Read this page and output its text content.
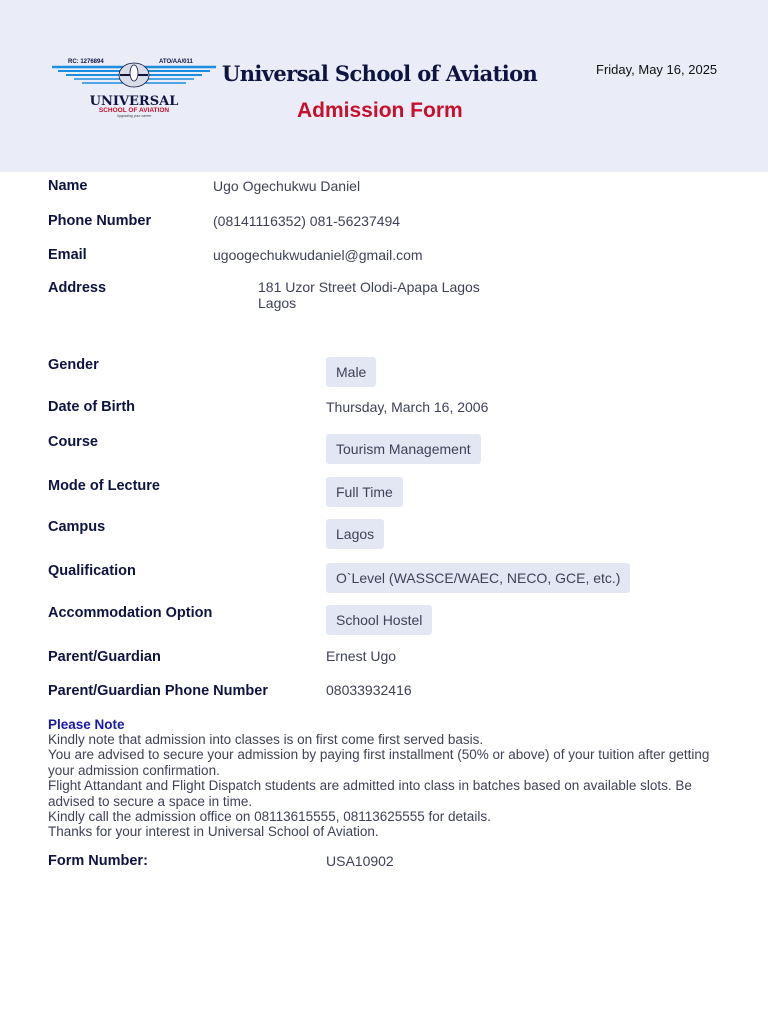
RC: 1276894	ATO/AA/011
UNIVERSAL
SCHOOL OF AVIATION
Upgrading your career
Universal School of Aviation
Admission Form
Friday, May 16, 2025
Name	Ugo Ogechukwu Daniel
Phone Number	(08141116352) 081-56237494
Email	ugoogechukwudaniel@gmail.com
Address	181 Uzor Street Olodi-Apapa Lagos
Lagos
Gender	Male
Date of Birth	Thursday, March 16, 2006
Course	Tourism Management
Mode of Lecture	Full Time
Campus	Lagos
Qualification	O`Level (WASSCE/WAEC, NECO, GCE, etc.)
Accommodation Option	School Hostel
Parent/Guardian	Ernest Ugo
Parent/Guardian Phone Number	08033932416
Please Note

Kindly note that admission into classes is on first come first served basis.

You are advised to secure your admission by paying first installment (50% or above) of your tuition after getting your admission confirmation.

Flight Attandant and Flight Dispatch students are admitted into class in batches based on available slots. Be advised to secure a space in time.

Kindly call the admission office on 08113615555, 08113625555 for details.

Thanks for your interest in Universal School of Aviation.

Form Number:	USA10902
